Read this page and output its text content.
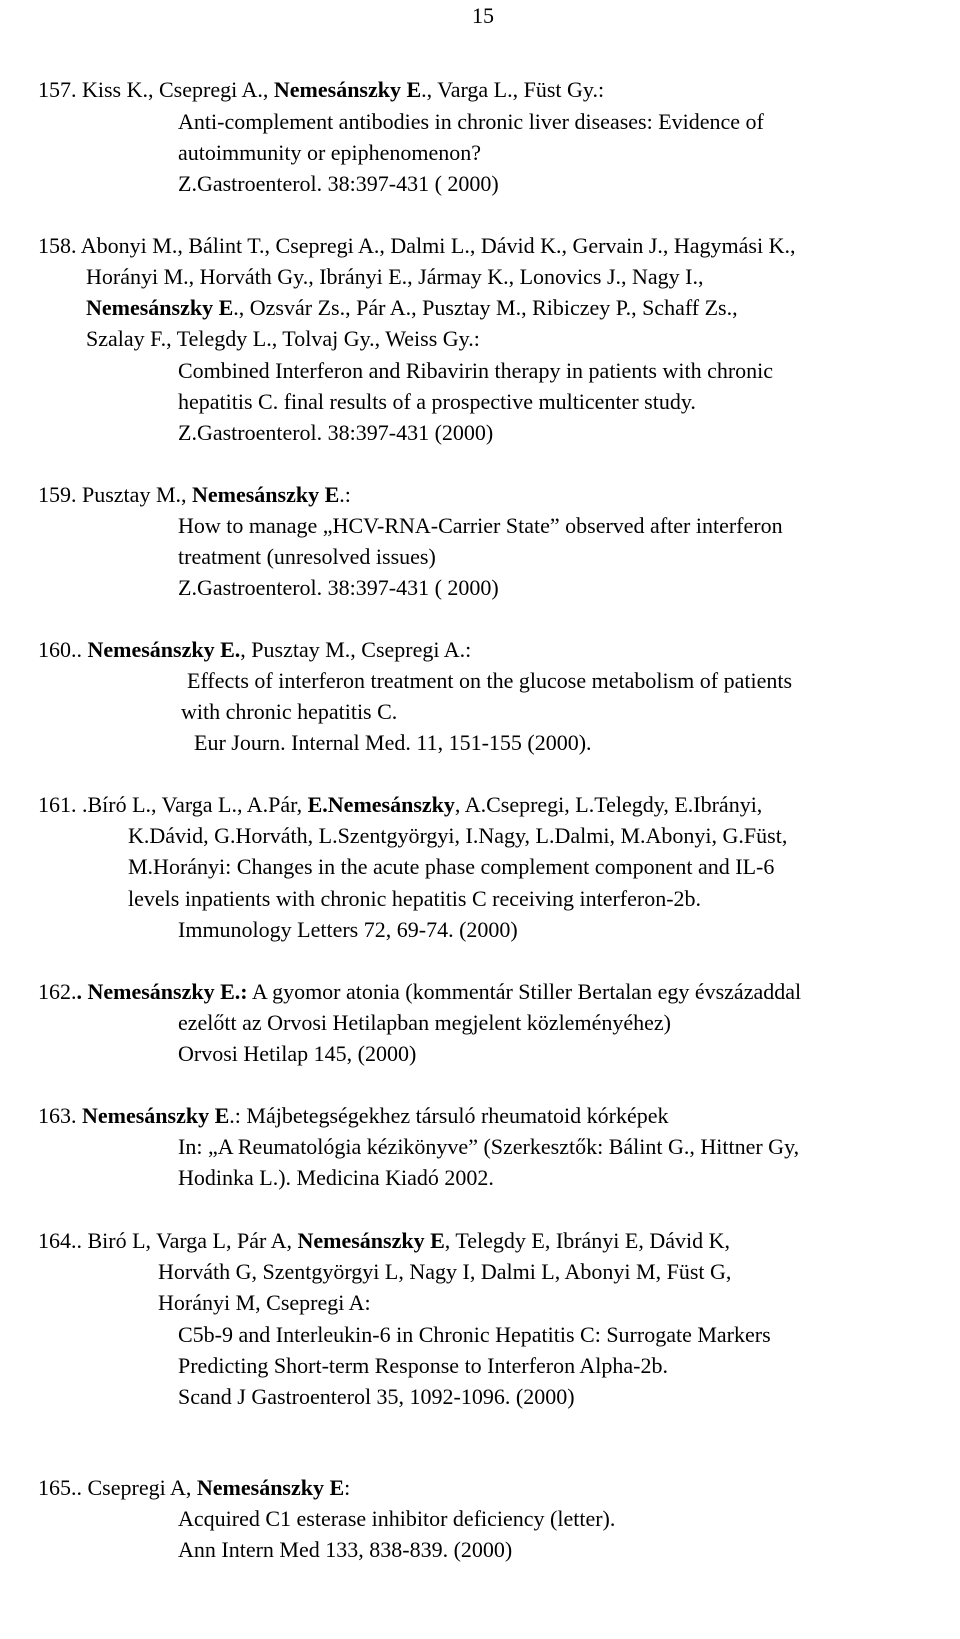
15
157. Kiss K., Csepregi A., Nemesánszky E., Varga L., Füst Gy.:
Anti-complement antibodies in chronic liver diseases: Evidence of
autoimmunity or epiphenomenon?
Z.Gastroenterol. 38:397-431 ( 2000)
158. Abonyi M., Bálint T., Csepregi A., Dalmi L., Dávid K., Gervain J., Hagymási K.,
Horányi M., Horváth Gy., Ibrányi E., Jármay K., Lonovics J., Nagy I.,
Nemesánszky E., Ozsvár Zs., Pár A., Pusztay M., Ribiczey P., Schaff Zs.,
Szalay F., Telegdy L., Tolvaj Gy., Weiss Gy.:
Combined Interferon and Ribavirin therapy in patients with chronic
hepatitis C. final results of a prospective multicenter study.
Z.Gastroenterol. 38:397-431 (2000)
159. Pusztay M., Nemesánszky E.:
How to manage „HCV-RNA-Carrier State” observed after interferon
treatment (unresolved issues)
Z.Gastroenterol. 38:397-431 ( 2000)
160.. Nemesánszky E., Pusztay M., Csepregi A.:
Effects of interferon treatment on the glucose metabolism of patients
with chronic hepatitis C.
Eur Journ. Internal Med. 11, 151-155 (2000).
161. .Bíró L., Varga L., A.Pár, E.Nemesánszky, A.Csepregi, L.Telegdy, E.Ibrányi,
K.Dávid, G.Horváth, L.Szentgyörgyi, I.Nagy, L.Dalmi, M.Abonyi, G.Füst,
M.Horányi: Changes in the acute phase complement component and IL-6
levels inpatients with chronic hepatitis C receiving interferon-2b.
Immunology Letters 72, 69-74. (2000)
162.. Nemesánszky E.: A gyomor atonia (kommentár Stiller Bertalan egy évszázaddal
ezelőtt az Orvosi Hetilapban megjelent közleményéhez)
Orvosi Hetilap 145, (2000)
163. Nemesánszky E.: Májbetegségekhez társuló rheumatoid kórképek
In: „A Reumatológia kézikönyve” (Szerkesztők: Bálint G., Hittner Gy,
Hodinka L.). Medicina Kiadó 2002.
164.. Biró L, Varga L, Pár A, Nemesánszky E, Telegdy E, Ibrányi E, Dávid K,
Horváth G, Szentgyörgyi L, Nagy I, Dalmi L, Abonyi M, Füst G,
Horányi M, Csepregi A:
C5b-9 and Interleukin-6 in Chronic Hepatitis C: Surrogate Markers
Predicting Short-term Response to Interferon Alpha-2b.
Scand J Gastroenterol 35, 1092-1096. (2000)
165.. Csepregi A, Nemesánszky E:
Acquired C1 esterase inhibitor deficiency (letter).
Ann Intern Med 133, 838-839. (2000)
